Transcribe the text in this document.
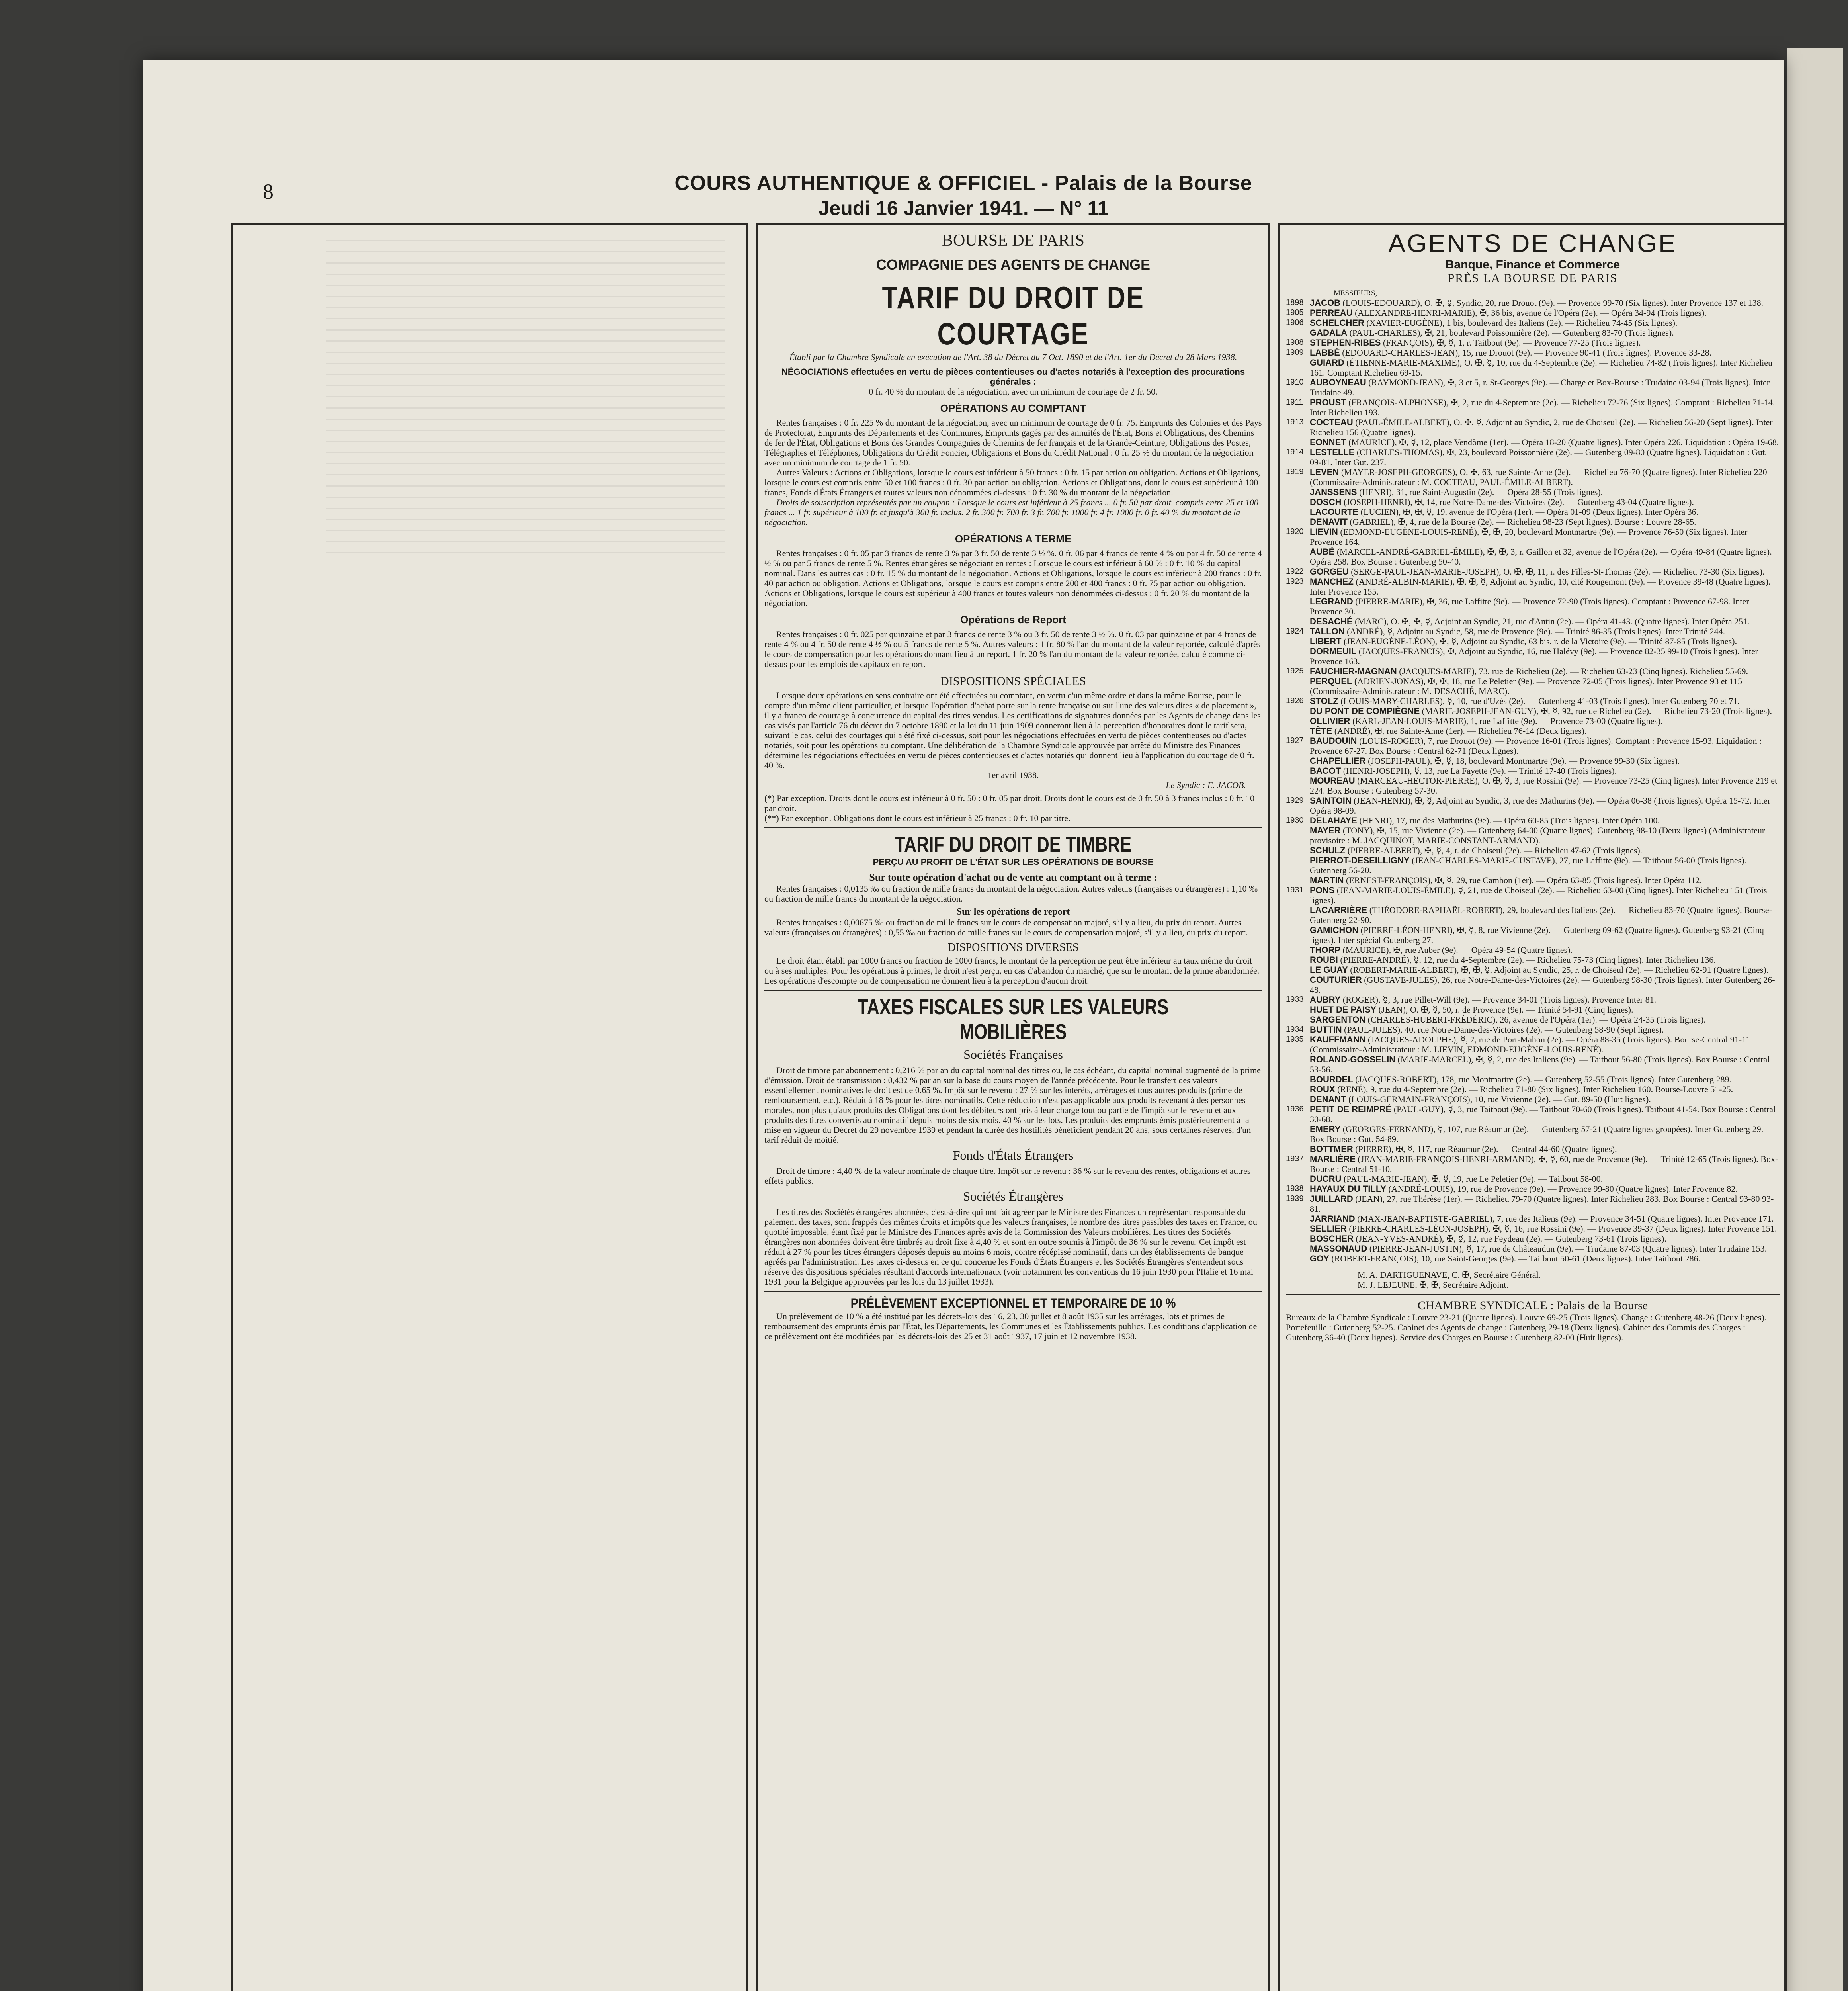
8	COURS AUTHENTIQUE & OFFICIEL - Palais de la Bourse
Jeudi 16 Janvier 1941. — N° 11
BOURSE DE PARIS
COMPAGNIE DES AGENTS DE CHANGE
TARIF DU DROIT DE COURTAGE
Établi par la Chambre Syndicale en exécution de l'Art. 38 du Décret du 7 Oct. 1890 et de l'Art. 1er du Décret du 28 Mars 1938.
NÉGOCIATIONS effectuées en vertu de pièces contentieuses ou d'actes notariés à l'exception des procurations générales :
0 fr. 40 % du montant de la négociation, avec un minimum de courtage de 2 fr. 50.
OPÉRATIONS AU COMPTANT

Rentes françaises : 0 fr. 225 % du montant de la négociation, avec un minimum de courtage de 0 fr. 75. Emprunts des Colonies et des Pays de Protectorat, Emprunts des Départements et des Communes, Emprunts gagés par des annuités de l'État, Bons et Obligations, des Chemins de fer de l'État, Obligations et Bons des Grandes Compagnies de Chemins de fer français et de la Grande-Ceinture, Obligations des Postes, Télégraphes et Téléphones, Obligations du Crédit Foncier, Obligations et Bons du Crédit National : 0 fr. 25 % du montant de la négociation avec un minimum de courtage de 1 fr. 50.

Autres Valeurs : Actions et Obligations, lorsque le cours est inférieur à 50 francs : 0 fr. 15 par action ou obligation. Actions et Obligations, lorsque le cours est compris entre 50 et 100 francs : 0 fr. 30 par action ou obligation. Actions et Obligations, dont le cours est supérieur à 100 francs, Fonds d'États Étrangers et toutes valeurs non dénommées ci-dessus : 0 fr. 30 % du montant de la négociation.

Droits de souscription représentés par un coupon : Lorsque le cours est inférieur à 25 francs ... 0 fr. 50 par droit. compris entre 25 et 100 francs ... 1 fr. supérieur à 100 fr. et jusqu'à 300 fr. inclus. 2 fr. 300 fr. 700 fr. 3 fr. 700 fr. 1000 fr. 4 fr. 1000 fr. 0 fr. 40 % du montant de la négociation.

OPÉRATIONS A TERME

Rentes françaises : 0 fr. 05 par 3 francs de rente 3 % par 3 fr. 50 de rente 3 ½ %. 0 fr. 06 par 4 francs de rente 4 % ou par 4 fr. 50 de rente 4 ½ % ou par 5 francs de rente 5 %. Rentes étrangères se négociant en rentes : Lorsque le cours est inférieur à 60 % : 0 fr. 10 % du capital nominal. Dans les autres cas : 0 fr. 15 % du montant de la négociation. Actions et Obligations, lorsque le cours est inférieur à 200 francs : 0 fr. 40 par action ou obligation. Actions et Obligations, lorsque le cours est compris entre 200 et 400 francs : 0 fr. 75 par action ou obligation. Actions et Obligations, lorsque le cours est supérieur à 400 francs et toutes valeurs non dénommées ci-dessus : 0 fr. 20 % du montant de la négociation.

Opérations de Report

Rentes françaises : 0 fr. 025 par quinzaine et par 3 francs de rente 3 % ou 3 fr. 50 de rente 3 ½ %. 0 fr. 03 par quinzaine et par 4 francs de rente 4 % ou 4 fr. 50 de rente 4 ½ % ou 5 francs de rente 5 %. Autres valeurs : 1 fr. 80 % l'an du montant de la valeur reportée, calculé d'après le cours de compensation pour les opérations donnant lieu à un report. 1 fr. 20 % l'an du montant de la valeur reportée, calculé comme ci-dessus pour les emplois de capitaux en report.

DISPOSITIONS SPÉCIALES

Lorsque deux opérations en sens contraire ont été effectuées au comptant, en vertu d'un même ordre et dans la même Bourse, pour le compte d'un même client particulier, et lorsque l'opération d'achat porte sur la rente française ou sur l'une des valeurs dites « de placement », il y a franco de courtage à concurrence du capital des titres vendus. Les certifications de signatures données par les Agents de change dans les cas visés par l'article 76 du décret du 7 octobre 1890 et la loi du 11 juin 1909 donneront lieu à la perception d'honoraires dont le tarif sera, suivant le cas, celui des courtages qui a été fixé ci-dessus, soit pour les négociations effectuées en vertu de pièces contentieuses ou d'actes notariés, soit pour les opérations au comptant. Une délibération de la Chambre Syndicale approuvée par arrêté du Ministre des Finances détermine les négociations effectuées en vertu de pièces contentieuses et d'actes notariés qui donnent lieu à l'application du courtage de 0 fr. 40 %.

1er avril 1938.
Le Syndic : E. JACOB.

(*) Par exception. Droits dont le cours est inférieur à 0 fr. 50 : 0 fr. 05 par droit. Droits dont le cours est de 0 fr. 50 à 3 francs inclus : 0 fr. 10 par droit.

(**) Par exception. Obligations dont le cours est inférieur à 25 francs : 0 fr. 10 par titre.

TARIF DU DROIT DE TIMBRE
PERÇU AU PROFIT DE L'ÉTAT SUR LES OPÉRATIONS DE BOURSE
Sur toute opération d'achat ou de vente au comptant ou à terme :

Rentes françaises : 0,0135 ‰ ou fraction de mille francs du montant de la négociation. Autres valeurs (françaises ou étrangères) : 1,10 ‰ ou fraction de mille francs du montant de la négociation.

Sur les opérations de report

Rentes françaises : 0,00675 ‰ ou fraction de mille francs sur le cours de compensation majoré, s'il y a lieu, du prix du report. Autres valeurs (françaises ou étrangères) : 0,55 ‰ ou fraction de mille francs sur le cours de compensation majoré, s'il y a lieu, du prix du report.

DISPOSITIONS DIVERSES

Le droit étant établi par 1000 francs ou fraction de 1000 francs, le montant de la perception ne peut être inférieur au taux même du droit ou à ses multiples. Pour les opérations à primes, le droit n'est perçu, en cas d'abandon du marché, que sur le montant de la prime abandonnée. Les opérations d'escompte ou de compensation ne donnent lieu à la perception d'aucun droit.

TAXES FISCALES SUR LES VALEURS MOBILIÈRES
Sociétés Françaises

Droit de timbre par abonnement : 0,216 % par an du capital nominal des titres ou, le cas échéant, du capital nominal augmenté de la prime d'émission. Droit de transmission : 0,432 % par an sur la base du cours moyen de l'année précédente. Pour le transfert des valeurs essentiellement nominatives le droit est de 0.65 %. Impôt sur le revenu : 27 % sur les intérêts, arrérages et tous autres produits (prime de remboursement, etc.). Réduit à 18 % pour les titres nominatifs. Cette réduction n'est pas applicable aux produits revenant à des personnes morales, non plus qu'aux produits des Obligations dont les débiteurs ont pris à leur charge tout ou partie de l'impôt sur le revenu et aux produits des titres convertis au nominatif depuis moins de six mois. 40 % sur les lots. Les produits des emprunts émis postérieurement à la mise en vigueur du Décret du 29 novembre 1939 et pendant la durée des hostilités bénéficient pendant 20 ans, sous certaines réserves, d'un tarif réduit de moitié.

Fonds d'États Étrangers

Droit de timbre : 4,40 % de la valeur nominale de chaque titre. Impôt sur le revenu : 36 % sur le revenu des rentes, obligations et autres effets publics.

Sociétés Étrangères

Les titres des Sociétés étrangères abonnées, c'est-à-dire qui ont fait agréer par le Ministre des Finances un représentant responsable du paiement des taxes, sont frappés des mêmes droits et impôts que les valeurs françaises, le nombre des titres passibles des taxes en France, ou quotité imposable, étant fixé par le Ministre des Finances après avis de la Commission des Valeurs mobilières. Les titres des Sociétés étrangères non abonnées doivent être timbrés au droit fixe à 4,40 % et sont en outre soumis à l'impôt de 36 % sur le revenu. Cet impôt est réduit à 27 % pour les titres étrangers déposés depuis au moins 6 mois, contre récépissé nominatif, dans un des établissements de banque agréés par l'administration. Les taxes ci-dessus en ce qui concerne les Fonds d'États Étrangers et les Sociétés Étrangères s'entendent sous réserve des dispositions spéciales résultant d'accords internationaux (voir notamment les conventions du 16 juin 1930 pour l'Italie et 16 mai 1931 pour la Belgique approuvées par les lois du 13 juillet 1933).

PRÉLÈVEMENT EXCEPTIONNEL ET TEMPORAIRE DE 10 %

Un prélèvement de 10 % a été institué par les décrets-lois des 16, 23, 30 juillet et 8 août 1935 sur les arrérages, lots et primes de remboursement des emprunts émis par l'État, les Départements, les Communes et les Établissements publics. Les conditions d'application de ce prélèvement ont été modifiées par les décrets-lois des 25 et 31 août 1937, 17 juin et 12 novembre 1938.

AGENTS DE CHANGE
Banque, Finance et Commerce
PRÈS LA BOURSE DE PARIS
MESSIEURS,
1898 JACOB (LOUIS-EDOUARD), O. ✠, ☿, Syndic, 20, rue Drouot (9e). — Provence 99-70 (Six lignes). Inter Provence 137 et 138.
1905 PERREAU (ALEXANDRE-HENRI-MARIE), ✠, 36 bis, avenue de l'Opéra (2e). — Opéra 34-94 (Trois lignes).
1906 SCHELCHER (XAVIER-EUGÈNE), 1 bis, boulevard des Italiens (2e). — Richelieu 74-45 (Six lignes).
GADALA (PAUL-CHARLES), ✠, 21, boulevard Poissonnière (2e). — Gutenberg 83-70 (Trois lignes).
1908 STEPHEN-RIBES (FRANÇOIS), ✠, ☿, 1, r. Taitbout (9e). — Provence 77-25 (Trois lignes).
1909 LABBÉ (EDOUARD-CHARLES-JEAN), 15, rue Drouot (9e). — Provence 90-41 (Trois lignes). Provence 33-28.
GUIARD (ÉTIENNE-MARIE-MAXIME), O. ✠, ☿, 10, rue du 4-Septembre (2e). — Richelieu 74-82 (Trois lignes). Inter Richelieu 161. Comptant Richelieu 69-15.
1910 AUBOYNEAU (RAYMOND-JEAN), ✠, 3 et 5, r. St-Georges (9e). — Charge et Box-Bourse : Trudaine 03-94 (Trois lignes). Inter Trudaine 49.
1911 PROUST (FRANÇOIS-ALPHONSE), ✠, 2, rue du 4-Septembre (2e). — Richelieu 72-76 (Six lignes). Comptant : Richelieu 71-14. Inter Richelieu 193.
1913 COCTEAU (PAUL-ÉMILE-ALBERT), O. ✠, ☿, Adjoint au Syndic, 2, rue de Choiseul (2e). — Richelieu 56-20 (Sept lignes). Inter Richelieu 156 (Quatre lignes).
EONNET (MAURICE), ✠, ☿, 12, place Vendôme (1er). — Opéra 18-20 (Quatre lignes). Inter Opéra 226. Liquidation : Opéra 19-68.
1914 LESTELLE (CHARLES-THOMAS), ✠, 23, boulevard Poissonnière (2e). — Gutenberg 09-80 (Quatre lignes). Liquidation : Gut. 09-81. Inter Gut. 237.
1919 LEVEN (MAYER-JOSEPH-GEORGES), O. ✠, 63, rue Sainte-Anne (2e). — Richelieu 76-70 (Quatre lignes). Inter Richelieu 220 (Commissaire-Administrateur : M. COCTEAU, PAUL-ÉMILE-ALBERT).
JANSSENS (HENRI), 31, rue Saint-Augustin (2e). — Opéra 28-55 (Trois lignes).
DOSCH (JOSEPH-HENRI), ✠, 14, rue Notre-Dame-des-Victoires (2e). — Gutenberg 43-04 (Quatre lignes).
LACOURTE (LUCIEN), ✠, ✠, ☿, 19, avenue de l'Opéra (1er). — Opéra 01-09 (Deux lignes). Inter Opéra 36.
DENAVIT (GABRIEL), ✠, 4, rue de la Bourse (2e). — Richelieu 98-23 (Sept lignes). Bourse : Louvre 28-65.
1920 LIEVIN (EDMOND-EUGÈNE-LOUIS-RENÉ), ✠, ✠, 20, boulevard Montmartre (9e). — Provence 76-50 (Six lignes). Inter Provence 164.
AUBÉ (MARCEL-ANDRÉ-GABRIEL-ÉMILE), ✠, ✠, 3, r. Gaillon et 32, avenue de l'Opéra (2e). — Opéra 49-84 (Quatre lignes). Opéra 258. Box Bourse : Gutenberg 50-40.
1922 GORGEU (SERGE-PAUL-JEAN-MARIE-JOSEPH), O. ✠, ✠, 11, r. des Filles-St-Thomas (2e). — Richelieu 73-30 (Six lignes).
1923 MANCHEZ (ANDRÉ-ALBIN-MARIE), ✠, ✠, ☿, Adjoint au Syndic, 10, cité Rougemont (9e). — Provence 39-48 (Quatre lignes). Inter Provence 155.
LEGRAND (PIERRE-MARIE), ✠, 36, rue Laffitte (9e). — Provence 72-90 (Trois lignes). Comptant : Provence 67-98. Inter Provence 30.
DESACHÉ (MARC), O. ✠, ✠, ☿, Adjoint au Syndic, 21, rue d'Antin (2e). — Opéra 41-43. (Quatre lignes). Inter Opéra 251.
1924 TALLON (ANDRÉ), ☿, Adjoint au Syndic, 58, rue de Provence (9e). — Trinité 86-35 (Trois lignes). Inter Trinité 244.
LIBERT (JEAN-EUGÈNE-LÉON), ✠, ☿, Adjoint au Syndic, 63 bis, r. de la Victoire (9e). — Trinité 87-85 (Trois lignes).
DORMEUIL (JACQUES-FRANCIS), ✠, Adjoint au Syndic, 16, rue Halévy (9e). — Provence 82-35 99-10 (Trois lignes). Inter Provence 163.
1925 FAUCHIER-MAGNAN (JACQUES-MARIE), 73, rue de Richelieu (2e). — Richelieu 63-23 (Cinq lignes). Richelieu 55-69.
PERQUEL (ADRIEN-JONAS), ✠, ✠, 18, rue Le Peletier (9e). — Provence 72-05 (Trois lignes). Inter Provence 93 et 115 (Commissaire-Administrateur : M. DESACHÉ, MARC).
1926 STOLZ (LOUIS-MARY-CHARLES), ☿, 10, rue d'Uzès (2e). — Gutenberg 41-03 (Trois lignes). Inter Gutenberg 70 et 71.
DU PONT DE COMPIÈGNE (MARIE-JOSEPH-JEAN-GUY), ✠, ☿, 92, rue de Richelieu (2e). — Richelieu 73-20 (Trois lignes).
OLLIVIER (KARL-JEAN-LOUIS-MARIE), 1, rue Laffitte (9e). — Provence 73-00 (Quatre lignes).
TÊTE (ANDRÉ), ✠, rue Sainte-Anne (1er). — Richelieu 76-14 (Deux lignes).
1927 BAUDOUIN (LOUIS-ROGER), 7, rue Drouot (9e). — Provence 16-01 (Trois lignes). Comptant : Provence 15-93. Liquidation : Provence 67-27. Box Bourse : Central 62-71 (Deux lignes).
CHAPELLIER (JOSEPH-PAUL), ✠, ☿, 18, boulevard Montmartre (9e). — Provence 99-30 (Six lignes).
BACOT (HENRI-JOSEPH), ☿, 13, rue La Fayette (9e). — Trinité 17-40 (Trois lignes).
MOUREAU (MARCEAU-HECTOR-PIERRE), O. ✠, ☿, 3, rue Rossini (9e). — Provence 73-25 (Cinq lignes). Inter Provence 219 et 224. Box Bourse : Gutenberg 57-30.
1929 SAINTOIN (JEAN-HENRI), ✠, ☿, Adjoint au Syndic, 3, rue des Mathurins (9e). — Opéra 06-38 (Trois lignes). Opéra 15-72. Inter Opéra 98-09.
1930 DELAHAYE (HENRI), 17, rue des Mathurins (9e). — Opéra 60-85 (Trois lignes). Inter Opéra 100.
MAYER (TONY), ✠, 15, rue Vivienne (2e). — Gutenberg 64-00 (Quatre lignes). Gutenberg 98-10 (Deux lignes) (Administrateur provisoire : M. JACQUINOT, MARIE-CONSTANT-ARMAND).
SCHULZ (PIERRE-ALBERT), ✠, ☿, 4, r. de Choiseul (2e). — Richelieu 47-62 (Trois lignes).
PIERROT-DESEILLIGNY (JEAN-CHARLES-MARIE-GUSTAVE), 27, rue Laffitte (9e). — Taitbout 56-00 (Trois lignes). Gutenberg 56-20.
MARTIN (ERNEST-FRANÇOIS), ✠, ☿, 29, rue Cambon (1er). — Opéra 63-85 (Trois lignes). Inter Opéra 112.
1931 PONS (JEAN-MARIE-LOUIS-ÉMILE), ☿, 21, rue de Choiseul (2e). — Richelieu 63-00 (Cinq lignes). Inter Richelieu 151 (Trois lignes).
LACARRIÈRE (THÉODORE-RAPHAËL-ROBERT), 29, boulevard des Italiens (2e). — Richelieu 83-70 (Quatre lignes). Bourse-Gutenberg 22-90.
GAMICHON (PIERRE-LÉON-HENRI), ✠, ☿, 8, rue Vivienne (2e). — Gutenberg 09-62 (Quatre lignes). Gutenberg 93-21 (Cinq lignes). Inter spécial Gutenberg 27.
THORP (MAURICE), ✠, rue Auber (9e). — Opéra 49-54 (Quatre lignes).
ROUBI (PIERRE-ANDRÉ), ☿, 12, rue du 4-Septembre (2e). — Richelieu 75-73 (Cinq lignes). Inter Richelieu 136.
LE GUAY (ROBERT-MARIE-ALBERT), ✠, ✠, ☿, Adjoint au Syndic, 25, r. de Choiseul (2e). — Richelieu 62-91 (Quatre lignes).
COUTURIER (GUSTAVE-JULES), 26, rue Notre-Dame-des-Victoires (2e). — Gutenberg 98-30 (Trois lignes). Inter Gutenberg 26-48.
1933 AUBRY (ROGER), ☿, 3, rue Pillet-Will (9e). — Provence 34-01 (Trois lignes). Provence Inter 81.
HUET DE PAISY (JEAN), O. ✠, ☿, 50, r. de Provence (9e). — Trinité 54-91 (Cinq lignes).
SARGENTON (CHARLES-HUBERT-FRÉDÉRIC), 26, avenue de l'Opéra (1er). — Opéra 24-35 (Trois lignes).
1934 BUTTIN (PAUL-JULES), 40, rue Notre-Dame-des-Victoires (2e). — Gutenberg 58-90 (Sept lignes).
1935 KAUFFMANN (JACQUES-ADOLPHE), ☿, 7, rue de Port-Mahon (2e). — Opéra 88-35 (Trois lignes). Bourse-Central 91-11 (Commissaire-Administrateur : M. LIEVIN, EDMOND-EUGÈNE-LOUIS-RENÉ).
ROLAND-GOSSELIN (MARIE-MARCEL), ✠, ☿, 2, rue des Italiens (9e). — Taitbout 56-80 (Trois lignes). Box Bourse : Central 53-56.
BOURDEL (JACQUES-ROBERT), 178, rue Montmartre (2e). — Gutenberg 52-55 (Trois lignes). Inter Gutenberg 289.
ROUX (RENÉ), 9, rue du 4-Septembre (2e). — Richelieu 71-80 (Six lignes). Inter Richelieu 160. Bourse-Louvre 51-25.
DENANT (LOUIS-GERMAIN-FRANÇOIS), 10, rue Vivienne (2e). — Gut. 89-50 (Huit lignes).
1936 PETIT DE REIMPRÉ (PAUL-GUY), ☿, 3, rue Taitbout (9e). — Taitbout 70-60 (Trois lignes). Taitbout 41-54. Box Bourse : Central 30-68.
EMERY (GEORGES-FERNAND), ☿, 107, rue Réaumur (2e). — Gutenberg 57-21 (Quatre lignes groupées). Inter Gutenberg 29. Box Bourse : Gut. 54-89.
BOTTMER (PIERRE), ✠, ☿, 117, rue Réaumur (2e). — Central 44-60 (Quatre lignes).
1937 MARLIÈRE (JEAN-MARIE-FRANÇOIS-HENRI-ARMAND), ✠, ☿, 60, rue de Provence (9e). — Trinité 12-65 (Trois lignes). Box-Bourse : Central 51-10.
DUCRU (PAUL-MARIE-JEAN), ✠, ☿, 19, rue Le Peletier (9e). — Taitbout 58-00.
1938 HAYAUX DU TILLY (ANDRÉ-LOUIS), 19, rue de Provence (9e). — Provence 99-80 (Quatre lignes). Inter Provence 82.
1939 JUILLARD (JEAN), 27, rue Thérèse (1er). — Richelieu 79-70 (Quatre lignes). Inter Richelieu 283. Box Bourse : Central 93-80 93-81.
JARRIAND (MAX-JEAN-BAPTISTE-GABRIEL), 7, rue des Italiens (9e). — Provence 34-51 (Quatre lignes). Inter Provence 171.
SELLIER (PIERRE-CHARLES-LÉON-JOSEPH), ✠, ☿, 16, rue Rossini (9e). — Provence 39-37 (Deux lignes). Inter Provence 151.
BOSCHER (JEAN-YVES-ANDRÉ), ✠, ☿, 12, rue Feydeau (2e). — Gutenberg 73-61 (Trois lignes).
MASSONAUD (PIERRE-JEAN-JUSTIN), ☿, 17, rue de Châteaudun (9e). — Trudaine 87-03 (Quatre lignes). Inter Trudaine 153.
GOY (ROBERT-FRANÇOIS), 10, rue Saint-Georges (9e). — Taitbout 50-61 (Deux lignes). Inter Taitbout 286.
M. A. DARTIGUENAVE, C. ✠, Secrétaire Général.
M. J. LEJEUNE, ✠, ✠, Secrétaire Adjoint.
CHAMBRE SYNDICALE : Palais de la Bourse

Bureaux de la Chambre Syndicale : Louvre 23-21 (Quatre lignes). Louvre 69-25 (Trois lignes). Change : Gutenberg 48-26 (Deux lignes). Portefeuille : Gutenberg 52-25. Cabinet des Agents de change : Gutenberg 29-18 (Deux lignes). Cabinet des Commis des Charges : Gutenberg 36-40 (Deux lignes). Service des Charges en Bourse : Gutenberg 82-00 (Huit lignes).
